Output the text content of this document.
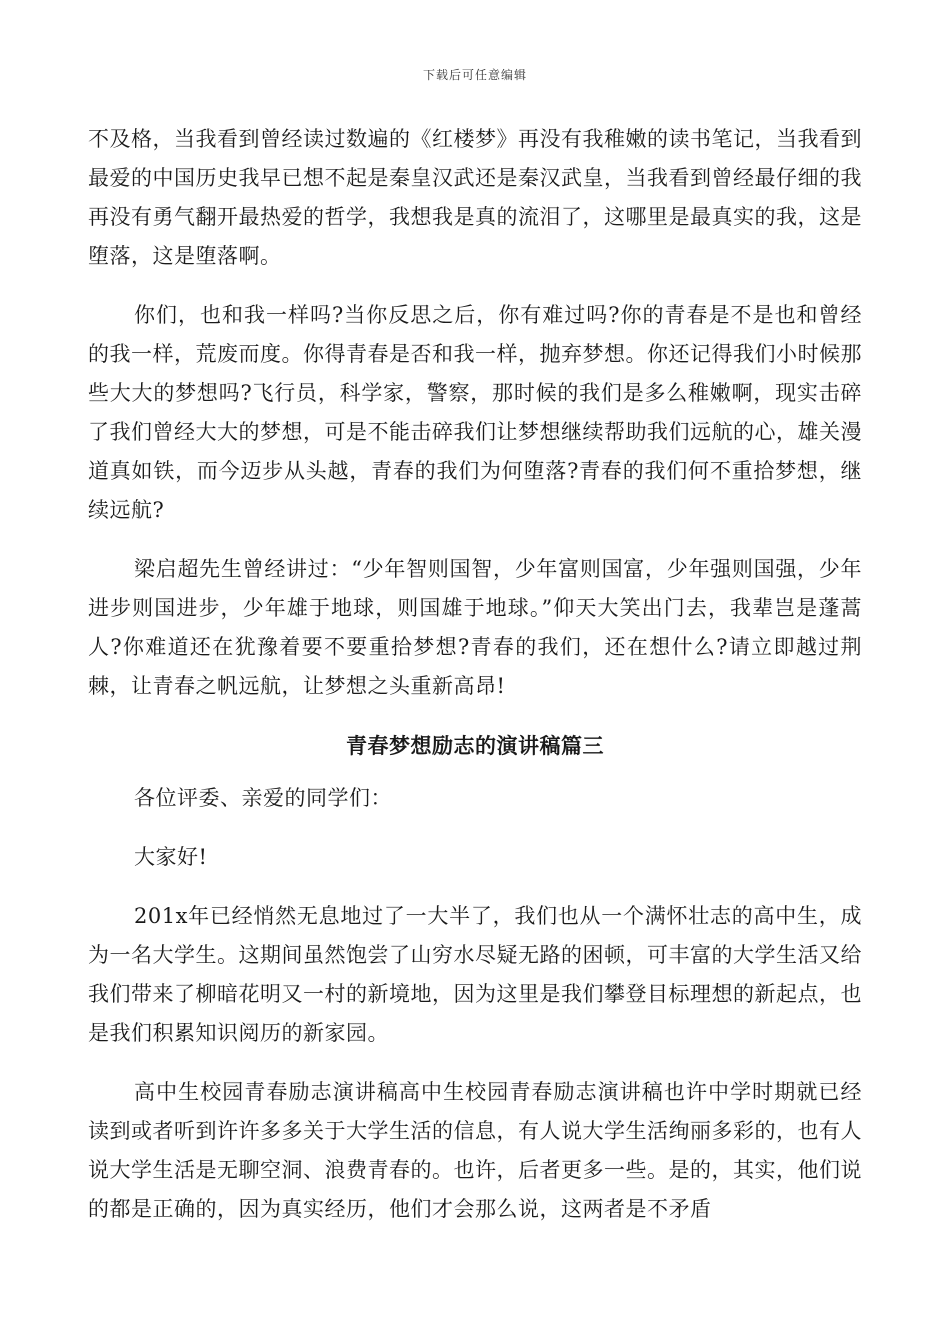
下载后可任意编辑

不及格，当我看到曾经读过数遍的《红楼梦》再没有我稚嫩的读书笔记，当我看到最爱的中国历史我早已想不起是秦皇汉武还是秦汉武皇，当我看到曾经最仔细的我再没有勇气翻开最热爱的哲学，我想我是真的流泪了，这哪里是最真实的我，这是堕落，这是堕落啊。

你们，也和我一样吗?当你反思之后，你有难过吗?你的青春是不是也和曾经的我一样，荒废而度。你得青春是否和我一样，抛弃梦想。你还记得我们小时候那些大大的梦想吗?飞行员，科学家，警察，那时候的我们是多么稚嫩啊，现实击碎了我们曾经大大的梦想，可是不能击碎我们让梦想继续帮助我们远航的心，雄关漫道真如铁，而今迈步从头越，青春的我们为何堕落?青春的我们何不重拾梦想，继续远航?

梁启超先生曾经讲过：“少年智则国智，少年富则国富，少年强则国强，少年进步则国进步，少年雄于地球，则国雄于地球。”仰天大笑出门去，我辈岂是蓬蒿人?你难道还在犹豫着要不要重拾梦想?青春的我们，还在想什么?请立即越过荆棘，让青春之帆远航，让梦想之头重新高昂!

青春梦想励志的演讲稿篇三

各位评委、亲爱的同学们：

大家好!

201x年已经悄然无息地过了一大半了，我们也从一个满怀壮志的高中生，成为一名大学生。这期间虽然饱尝了山穷水尽疑无路的困顿，可丰富的大学生活又给我们带来了柳暗花明又一村的新境地，因为这里是我们攀登目标理想的新起点，也是我们积累知识阅历的新家园。

高中生校园青春励志演讲稿高中生校园青春励志演讲稿也许中学时期就已经读到或者听到许许多多关于大学生活的信息，有人说大学生活绚丽多彩的，也有人说大学生活是无聊空洞、浪费青春的。也许，后者更多一些。是的，其实，他们说的都是正确的，因为真实经历，他们才会那么说，这两者是不矛盾
